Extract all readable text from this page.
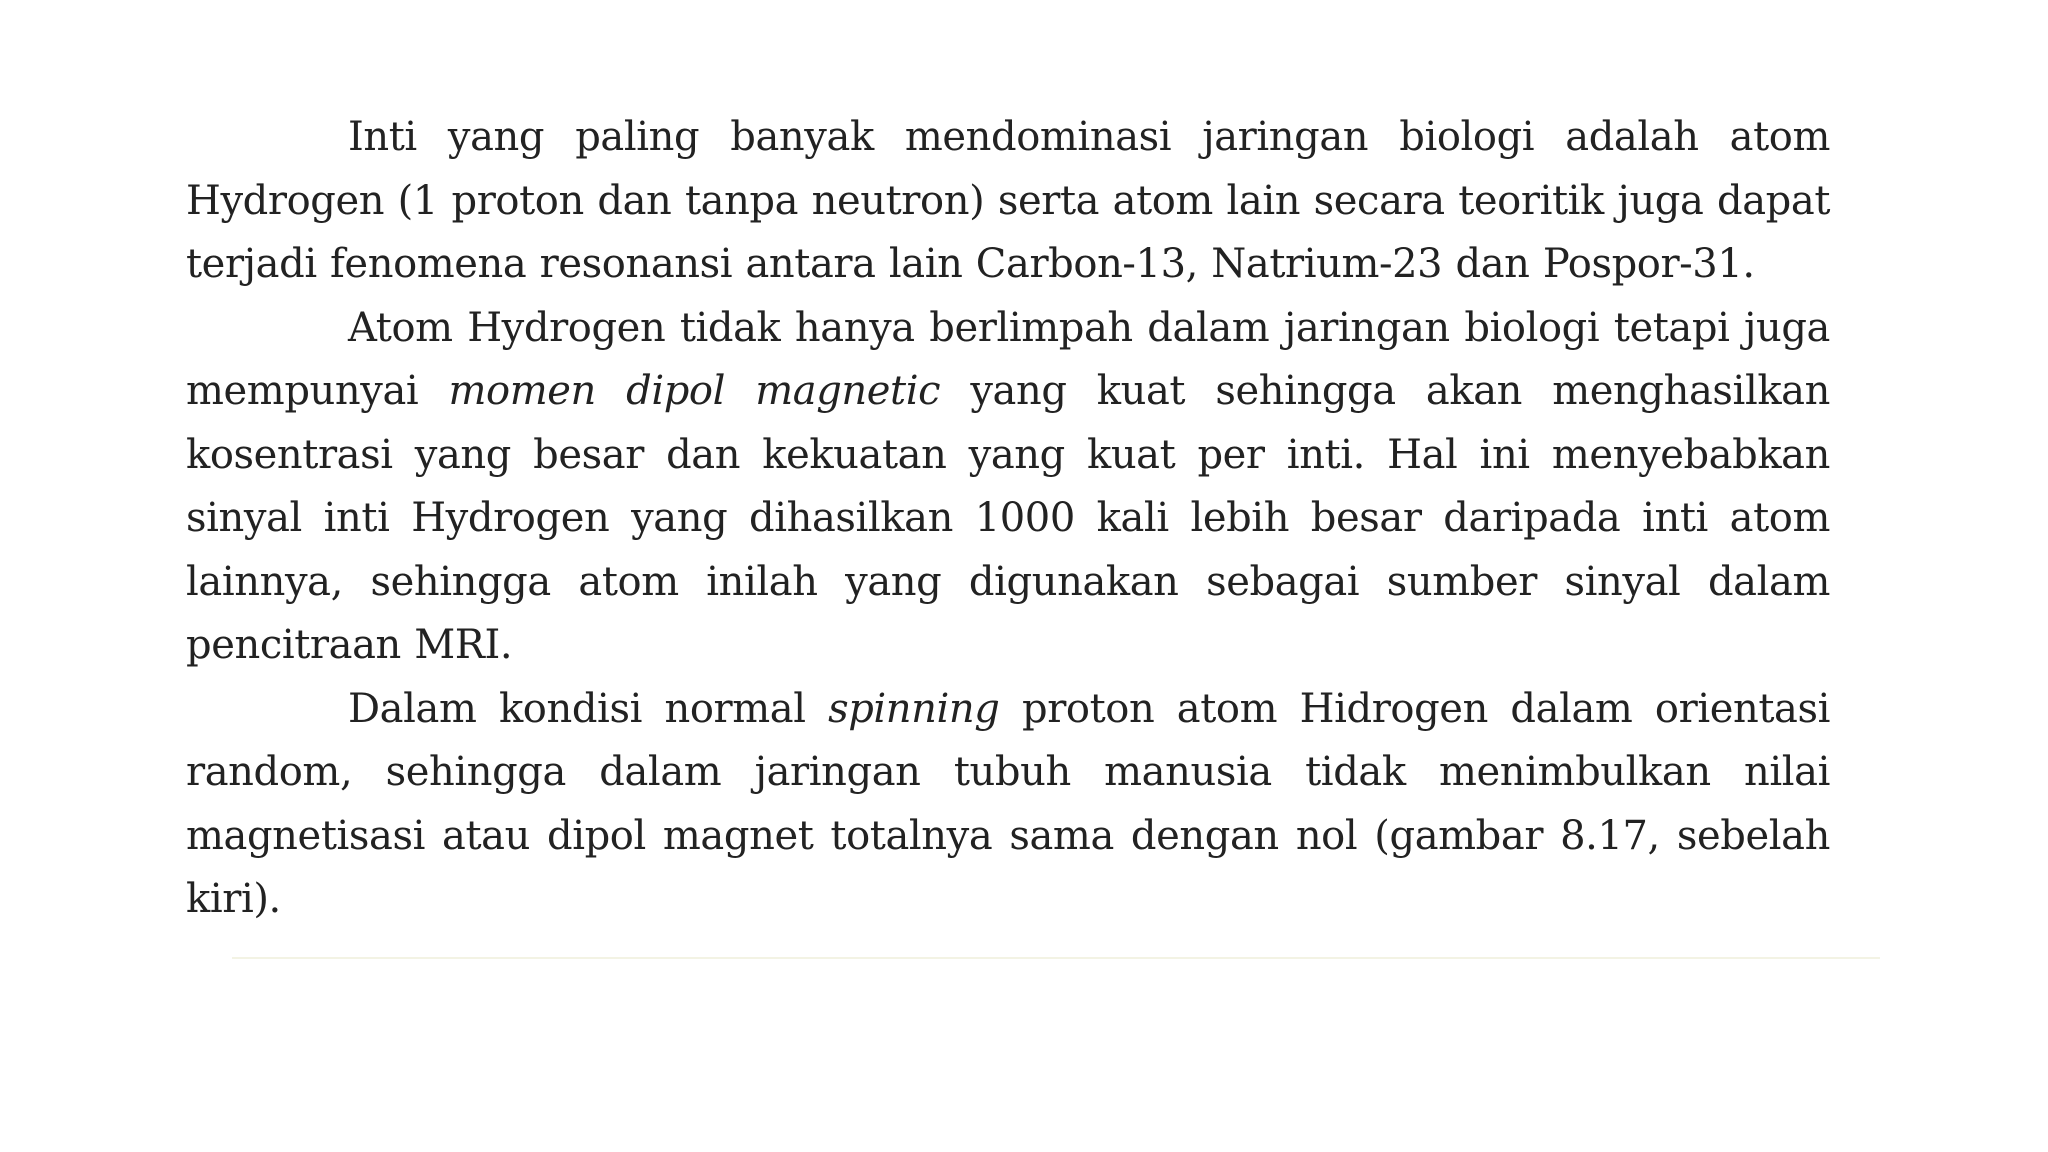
Inti yang paling banyak mendominasi jaringan biologi adalah atom Hydrogen (1 proton dan tanpa neutron) serta atom lain secara teoritik juga dapat terjadi fenomena resonansi antara lain Carbon-13, Natrium-23 dan Pospor-31.

Atom Hydrogen tidak hanya berlimpah dalam jaringan biologi tetapi juga mempunyai momen dipol magnetic yang kuat sehingga akan menghasilkan kosentrasi yang besar dan kekuatan yang kuat per inti. Hal ini menyebabkan sinyal inti Hydrogen yang dihasilkan 1000 kali lebih besar daripada inti atom lainnya, sehingga atom inilah yang digunakan sebagai sumber sinyal dalam pencitraan MRI.

Dalam kondisi normal spinning proton atom Hidrogen dalam orientasi random, sehingga dalam jaringan tubuh manusia tidak menimbulkan nilai magnetisasi atau dipol magnet totalnya sama dengan nol (gambar 8.17, sebelah kiri).
